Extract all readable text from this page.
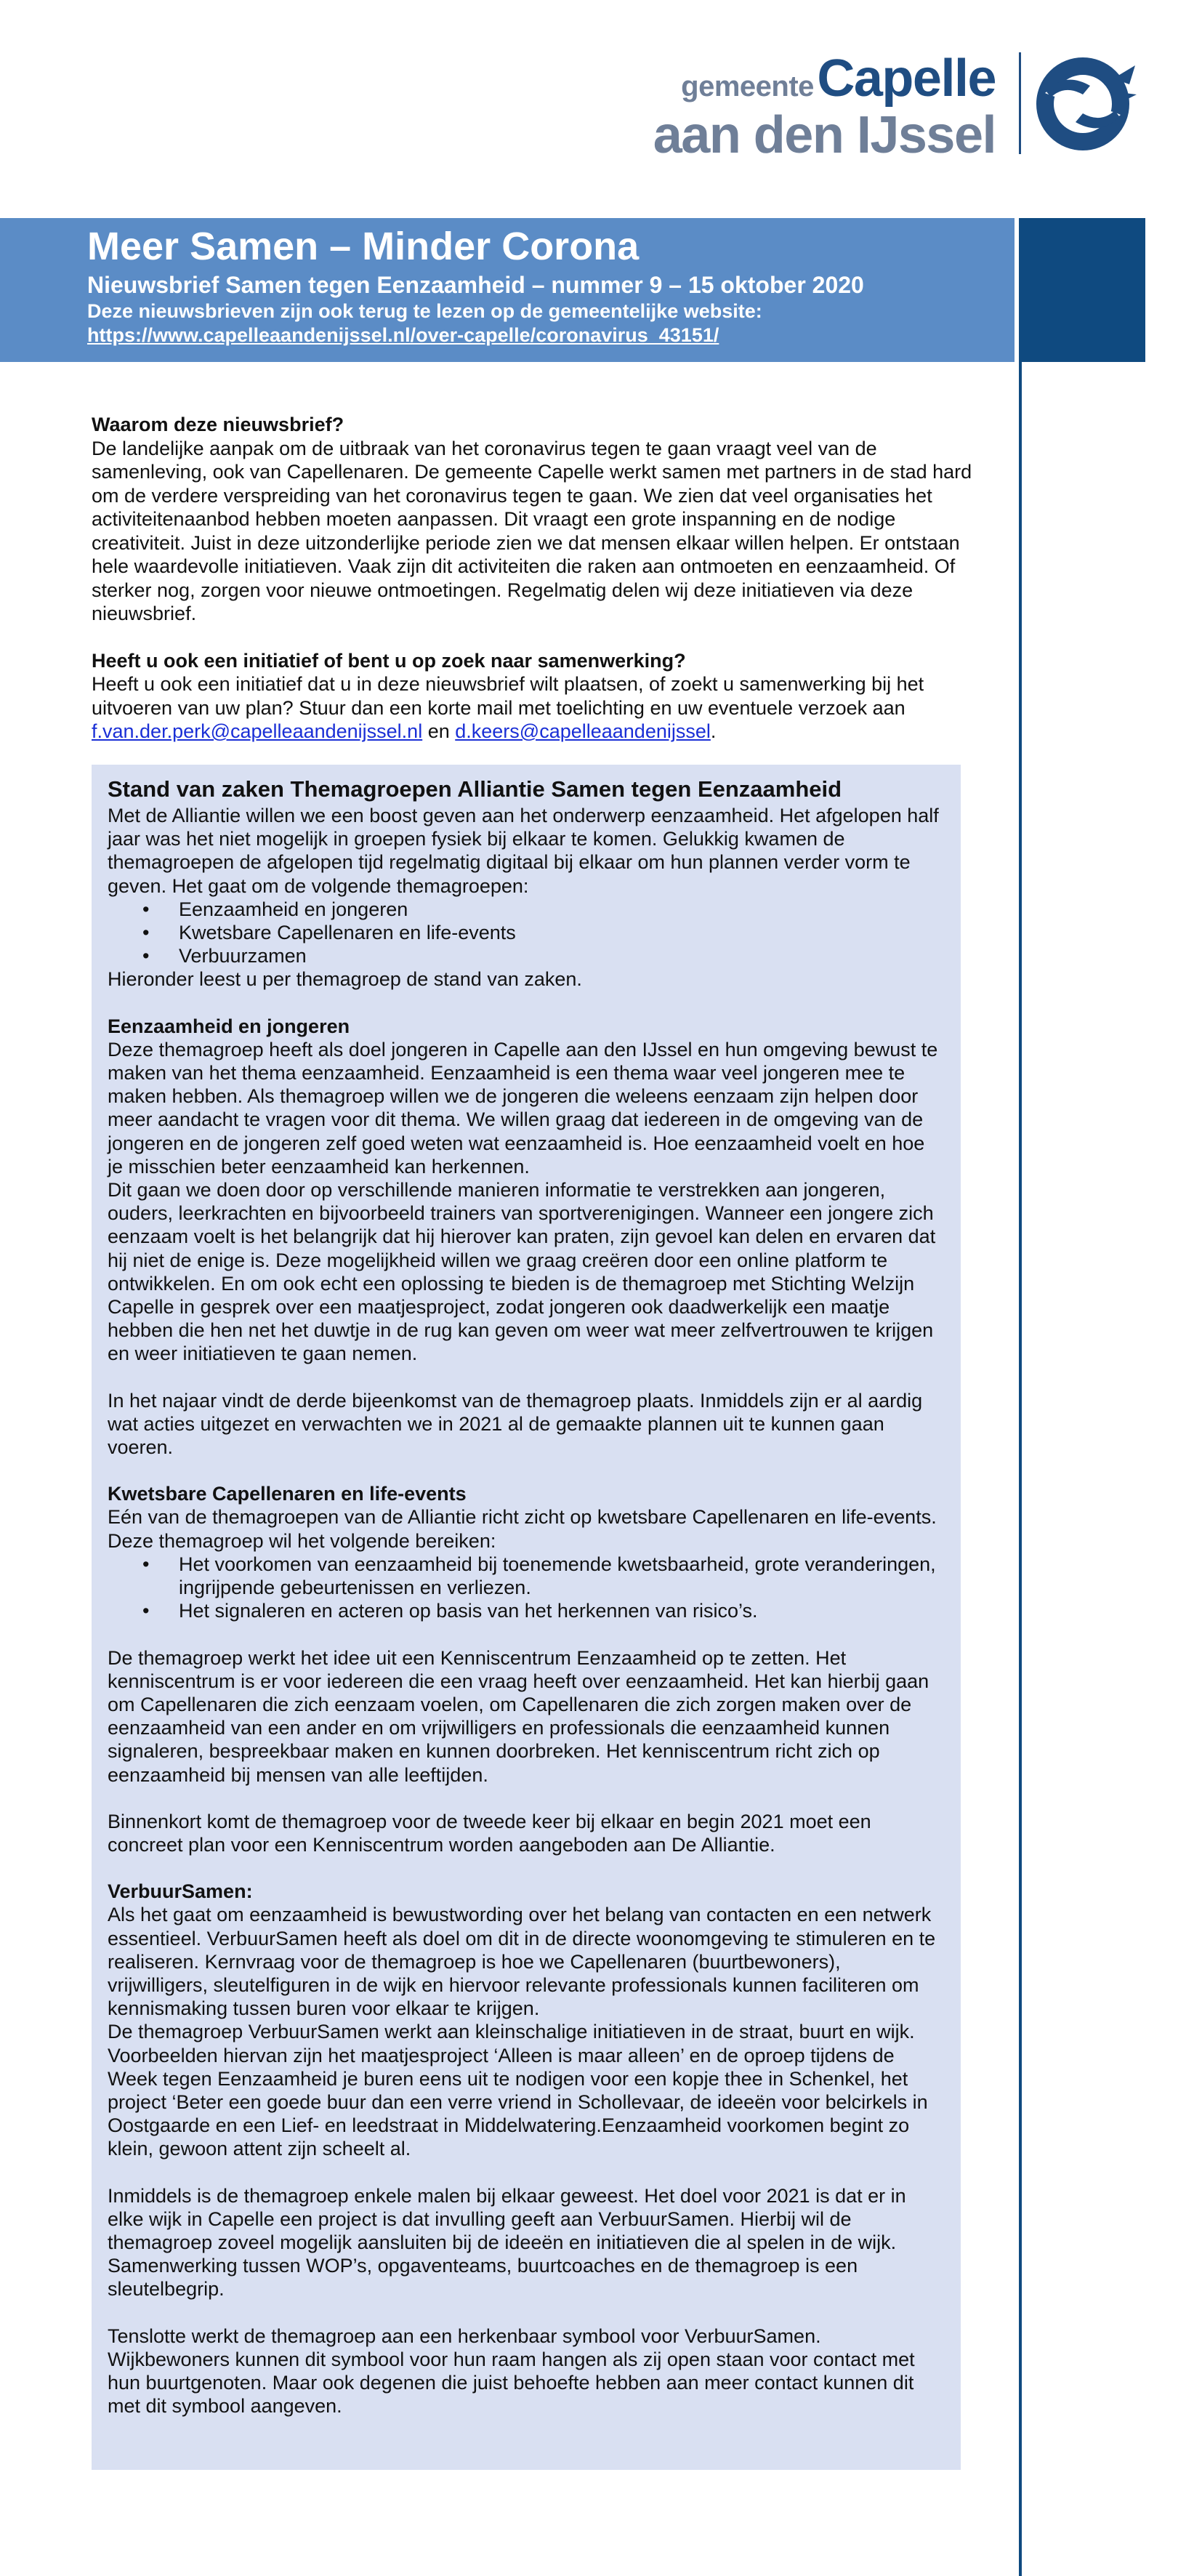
gemeente Capelle
aan den IJssel
Meer Samen – Minder Corona
Nieuwsbrief Samen tegen Eenzaamheid – nummer 9 – 15 oktober 2020
Deze nieuwsbrieven zijn ook terug te lezen op de gemeentelijke website:
https://www.capelleaandenijssel.nl/over-capelle/coronavirus_43151/

Waarom deze nieuwsbrief?

De landelijke aanpak om de uitbraak van het coronavirus tegen te gaan vraagt veel van de samenleving, ook van Capellenaren. De gemeente Capelle werkt samen met partners in de stad hard om de verdere verspreiding van het coronavirus tegen te gaan. We zien dat veel organisaties het activiteitenaanbod hebben moeten aanpassen. Dit vraagt een grote inspanning en de nodige creativiteit. Juist in deze uitzonderlijke periode zien we dat mensen elkaar willen helpen. Er ontstaan hele waardevolle initiatieven. Vaak zijn dit activiteiten die raken aan ontmoeten en eenzaamheid. Of sterker nog, zorgen voor nieuwe ontmoetingen. Regelmatig delen wij deze initiatieven via deze nieuwsbrief.

Heeft u ook een initiatief of bent u op zoek naar samenwerking?

Heeft u ook een initiatief dat u in deze nieuwsbrief wilt plaatsen, of zoekt u samenwerking bij het uitvoeren van uw plan? Stuur dan een korte mail met toelichting en uw eventuele verzoek aan f.van.der.perk@capelleaandenijssel.nl en d.keers@capelleaandenijssel.

Stand van zaken Themagroepen Alliantie Samen tegen Eenzaamheid

Met de Alliantie willen we een boost geven aan het onderwerp eenzaamheid. Het afgelopen half jaar was het niet mogelijk in groepen fysiek bij elkaar te komen. Gelukkig kwamen de themagroepen de afgelopen tijd regelmatig digitaal bij elkaar om hun plannen verder vorm te geven. Het gaat om de volgende themagroepen:

• Eenzaamheid en jongeren
• Kwetsbare Capellenaren en life-events
• Verbuurzamen

Hieronder leest u per themagroep de stand van zaken.

Eenzaamheid en jongeren

Deze themagroep heeft als doel jongeren in Capelle aan den IJssel en hun omgeving bewust te maken van het thema eenzaamheid. Eenzaamheid is een thema waar veel jongeren mee te maken hebben. Als themagroep willen we de jongeren die weleens eenzaam zijn helpen door meer aandacht te vragen voor dit thema. We willen graag dat iedereen in de omgeving van de jongeren en de jongeren zelf goed weten wat eenzaamheid is. Hoe eenzaamheid voelt en hoe je misschien beter eenzaamheid kan herkennen.

Dit gaan we doen door op verschillende manieren informatie te verstrekken aan jongeren, ouders, leerkrachten en bijvoorbeeld trainers van sportverenigingen. Wanneer een jongere zich eenzaam voelt is het belangrijk dat hij hierover kan praten, zijn gevoel kan delen en ervaren dat hij niet de enige is. Deze mogelijkheid willen we graag creëren door een online platform te ontwikkelen. En om ook echt een oplossing te bieden is de themagroep met Stichting Welzijn Capelle in gesprek over een maatjesproject, zodat jongeren ook daadwerkelijk een maatje hebben die hen net het duwtje in de rug kan geven om weer wat meer zelfvertrouwen te krijgen en weer initiatieven te gaan nemen.

In het najaar vindt de derde bijeenkomst van de themagroep plaats. Inmiddels zijn er al aardig wat acties uitgezet en verwachten we in 2021 al de gemaakte plannen uit te kunnen gaan voeren.

Kwetsbare Capellenaren en life-events

Eén van de themagroepen van de Alliantie richt zicht op kwetsbare Capellenaren en life-events. Deze themagroep wil het volgende bereiken:

• Het voorkomen van eenzaamheid bij toenemende kwetsbaarheid, grote veranderingen, ingrijpende gebeurtenissen en verliezen.
• Het signaleren en acteren op basis van het herkennen van risico’s.

De themagroep werkt het idee uit een Kenniscentrum Eenzaamheid op te zetten. Het kenniscentrum is er voor iedereen die een vraag heeft over eenzaamheid. Het kan hierbij gaan om Capellenaren die zich eenzaam voelen, om Capellenaren die zich zorgen maken over de eenzaamheid van een ander en om vrijwilligers en professionals die eenzaamheid kunnen signaleren, bespreekbaar maken en kunnen doorbreken. Het kenniscentrum richt zich op eenzaamheid bij mensen van alle leeftijden.

Binnenkort komt de themagroep voor de tweede keer bij elkaar en begin 2021 moet een concreet plan voor een Kenniscentrum worden aangeboden aan De Alliantie.

VerbuurSamen:

Als het gaat om eenzaamheid is bewustwording over het belang van contacten en een netwerk essentieel. VerbuurSamen heeft als doel om dit in de directe woonomgeving te stimuleren en te realiseren. Kernvraag voor de themagroep is hoe we Capellenaren (buurtbewoners), vrijwilligers, sleutelfiguren in de wijk en hiervoor relevante professionals kunnen faciliteren om kennismaking tussen buren voor elkaar te krijgen.

De themagroep VerbuurSamen werkt aan kleinschalige initiatieven in de straat, buurt en wijk. Voorbeelden hiervan zijn het maatjesproject ‘Alleen is maar alleen’ en de oproep tijdens de Week tegen Eenzaamheid je buren eens uit te nodigen voor een kopje thee in Schenkel, het project ‘Beter een goede buur dan een verre vriend in Schollevaar, de ideeën voor belcirkels in Oostgaarde en een Lief- en leedstraat in Middelwatering.Eenzaamheid voorkomen begint zo klein, gewoon attent zijn scheelt al.

Inmiddels is de themagroep enkele malen bij elkaar geweest. Het doel voor 2021 is dat er in elke wijk in Capelle een project is dat invulling geeft aan VerbuurSamen. Hierbij wil de themagroep zoveel mogelijk aansluiten bij de ideeën en initiatieven die al spelen in de wijk. Samenwerking tussen WOP’s, opgaventeams, buurtcoaches en de themagroep is een sleutelbegrip.

Tenslotte werkt de themagroep aan een herkenbaar symbool voor VerbuurSamen. Wijkbewoners kunnen dit symbool voor hun raam hangen als zij open staan voor contact met hun buurtgenoten. Maar ook degenen die juist behoefte hebben aan meer contact kunnen dit met dit symbool aangeven.
